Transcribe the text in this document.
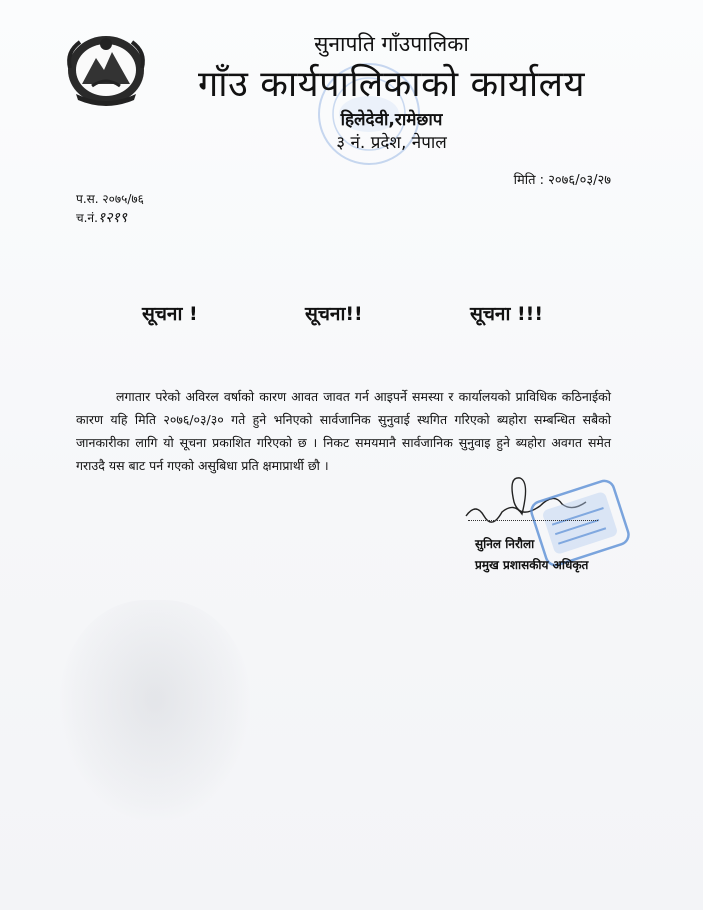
सुनापति गाँउपालिका
गाँउ कार्यपालिकाको कार्यालय
हिलेदेवी,रामेछाप
३ नं. प्रदेश, नेपाल
मिति : २०७६/०३/२७
प.स. २०७५/७६
च.नं.१२१९
सूचना !	सूचना!!	सूचना !!!
लगातार परेको अविरल वर्षाको कारण आवत जावत गर्न आइपर्ने समस्या र कार्यालयको प्राविधिक कठिनाईको कारण यहि मिति २०७६/०३/३० गते हुने भनिएको सार्वजानिक सुनुवाई स्थगित गरिएको ब्यहोरा सम्बन्धित सबैको जानकारीका लागि यो सूचना प्रकाशित गरिएको छ । निकट समयमानै सार्वजानिक सुनुवाइ हुने ब्यहोरा अवगत समेत गराउदै यस बाट पर्न गएको असुबिधा प्रति क्षमाप्रार्थी छौ ।
सुनिल निरौला
प्रमुख प्रशासकीय अधिकृत
